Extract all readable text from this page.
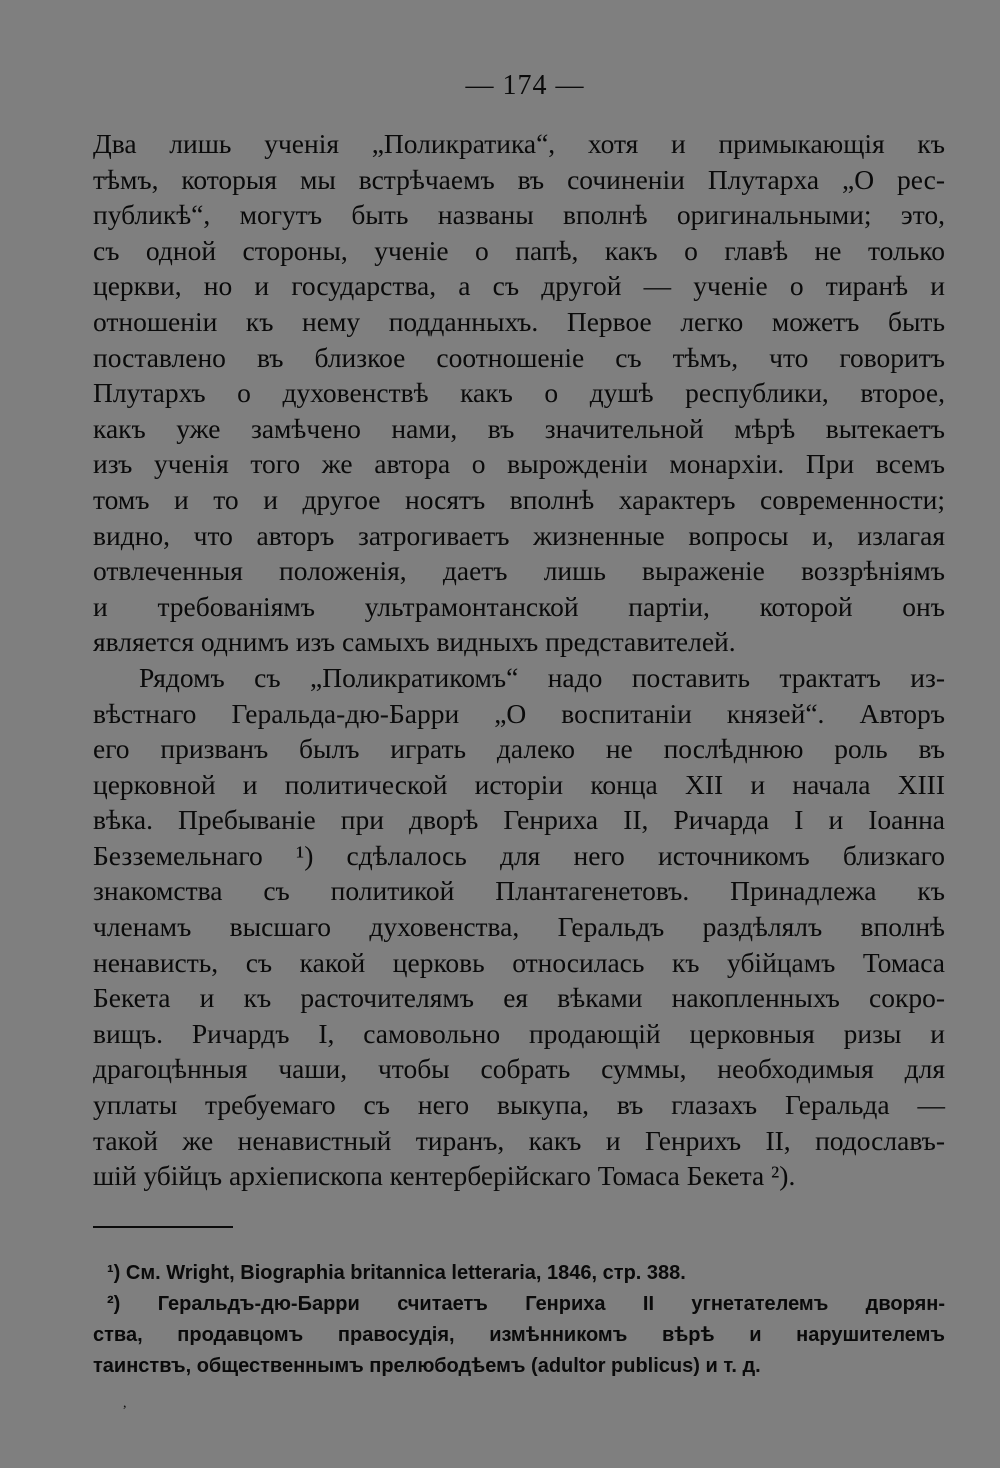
— 174 —
Два лишь ученія „Поликратика“, хотя и примыкающія къ
тѣмъ, которыя мы встрѣчаемъ въ сочиненіи Плутарха „О рес-
публикѣ“, могутъ быть названы вполнѣ оригинальными; это,
съ одной стороны, ученіе о папѣ, какъ о главѣ не только
церкви, но и государства, а съ другой — ученіе о тиранѣ и
отношеніи къ нему подданныхъ. Первое легко можетъ быть
поставлено въ близкое соотношеніе съ тѣмъ, что говоритъ
Плутархъ о духовенствѣ какъ о душѣ республики, второе,
какъ уже замѣчено нами, въ значительной мѣрѣ вытекаетъ
изъ ученія того же автора о вырожденіи монархіи. При всемъ
томъ и то и другое носятъ вполнѣ характеръ современности;
видно, что авторъ затрогиваетъ жизненные вопросы и, излагая
отвлеченныя положенія, даетъ лишь выраженіе воззрѣніямъ
и требованіямъ ультрамонтанской партіи, которой онъ
является однимъ изъ самыхъ видныхъ представителей.
Рядомъ съ „Поликратикомъ“ надо поставить трактатъ из-
вѣстнаго Геральда-дю-Барри „О воспитаніи князей“. Авторъ
его призванъ былъ играть далеко не послѣднюю роль въ
церковной и политической исторіи конца XII и начала XIII
вѣка. Пребываніе при дворѣ Генриха II, Ричарда I и Іоанна
Безземельнаго ¹) сдѣлалось для него источникомъ близкаго
знакомства съ политикой Плантагенетовъ. Принадлежа къ
членамъ высшаго духовенства, Геральдъ раздѣлялъ вполнѣ
ненависть, съ какой церковь относилась къ убійцамъ Томаса
Бекета и къ расточителямъ ея вѣками накопленныхъ сокро-
вищъ. Ричардъ I, самовольно продающій церковныя ризы и
драгоцѣнныя чаши, чтобы собрать суммы, необходимыя для
уплаты требуемаго съ него выкупа, въ глазахъ Геральда —
такой же ненавистный тиранъ, какъ и Генрихъ II, подославъ-
шій убійцъ архіепископа кентерберійскаго Томаса Бекета ²).
¹) См. Wright, Biographia britannica letteraria, 1846, стр. 388.
²) Геральдъ-дю-Барри считаетъ Генриха II угнетателемъ дворян-
ства, продавцомъ правосудія, измѣнникомъ вѣрѣ и нарушителемъ
таинствъ, общественнымъ прелюбодѣемъ (adultor publicus) и т. д.
,
